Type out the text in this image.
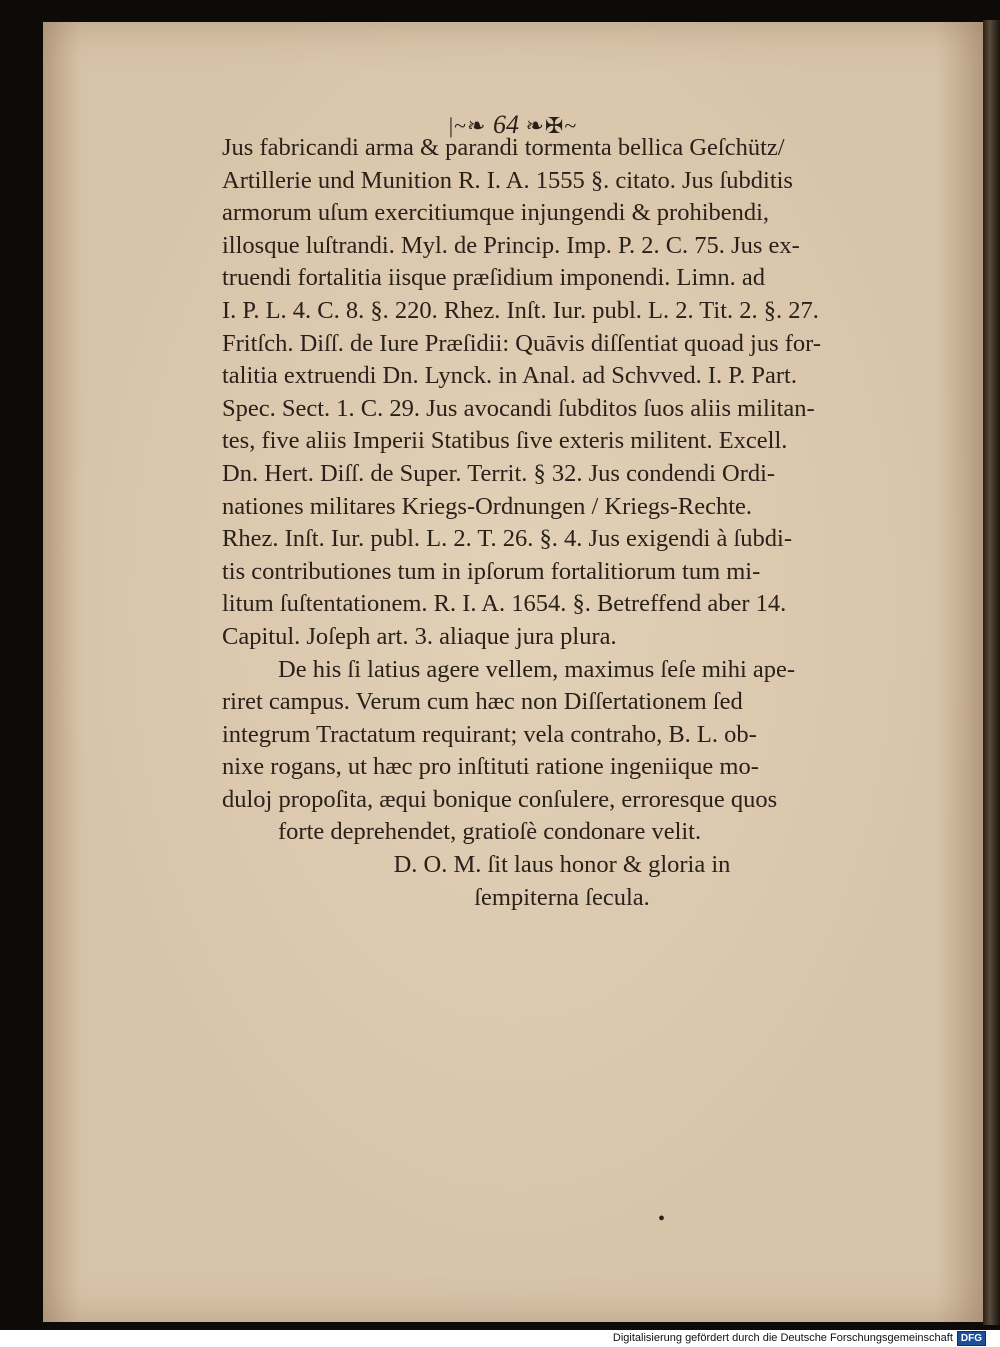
|~❧ 64 ❧✠~
Jus fabricandi arma & parandi tormenta bellica Geſchütz/
Artillerie und Munition R. I. A. 1555 §. citato. Jus ſubditis
armorum uſum exercitiumque injungendi & prohibendi,
illosque luſtrandi. Myl. de Princip. Imp. P. 2. C. 75. Jus ex-
truendi fortalitia iisque præſidium imponendi. Limn. ad
I. P. L. 4. C. 8. §. 220. Rhez. Inſt. Iur. publ. L. 2. Tit. 2. §. 27.
Fritſch. Diſſ. de Iure Præſidii: Quāvis diſſentiat quoad jus for-
talitia extruendi Dn. Lynck. in Anal. ad Schvved. I. P. Part.
Spec. Sect. 1. C. 29. Jus avocandi ſubditos ſuos aliis militan-
tes, five aliis Imperii Statibus ſive exteris militent. Excell.
Dn. Hert. Diſſ. de Super. Territ. § 32. Jus condendi Ordi-
nationes militares Kriegs-Ordnungen / Kriegs-Rechte.
Rhez. Inſt. Iur. publ. L. 2. T. 26. §. 4. Jus exigendi à ſubdi-
tis contributiones tum in ipſorum fortalitiorum tum mi-
litum ſuſtentationem. R. I. A. 1654. §. Betreffend aber 14.
Capitul. Joſeph art. 3. aliaque jura plura.
De his ſi latius agere vellem, maximus ſeſe mihi ape-
riret campus. Verum cum hæc non Diſſertationem ſed
integrum Tractatum requirant; vela contraho, B. L. ob-
nixe rogans, ut hæc pro inſtituti ratione ingeniique mo-
duloj propoſita, æqui bonique conſulere, erroresque quos
forte deprehendet, gratioſè condonare velit.
D. O. M. ſit laus honor & gloria in
ſempiterna ſecula.
•
Digitalisierung gefördert durch die Deutsche Forschungsgemeinschaft DFG
